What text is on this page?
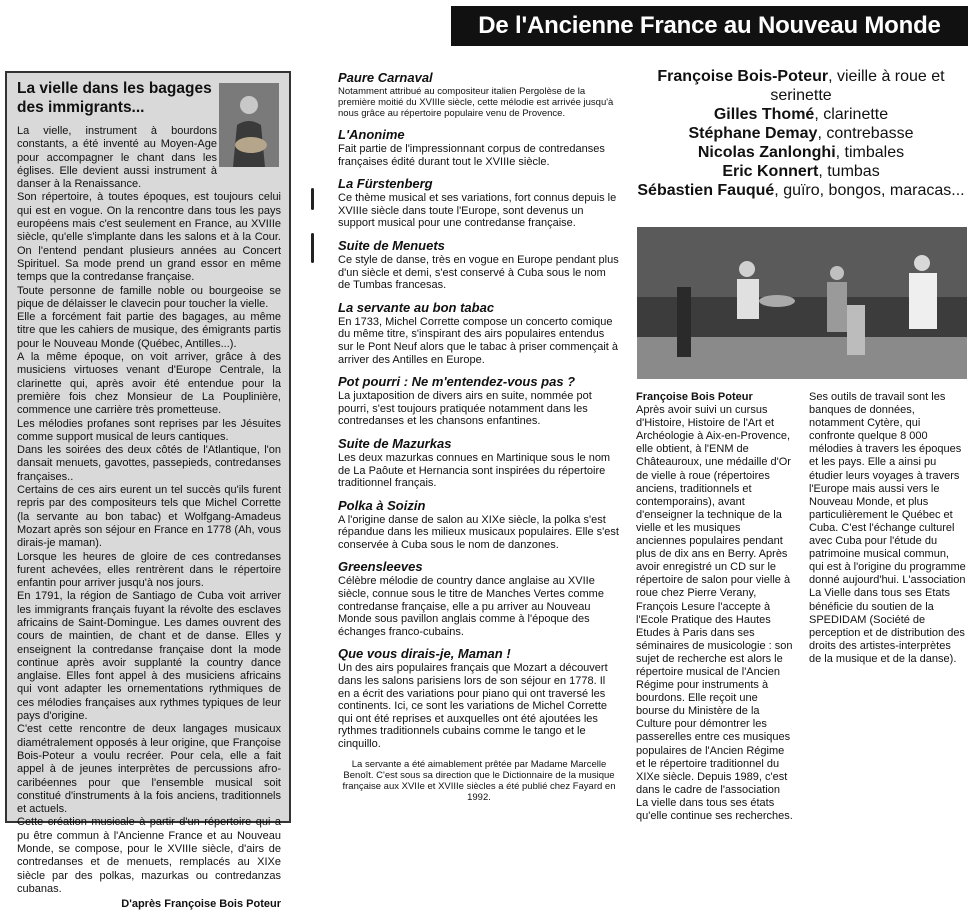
De l'Ancienne France au Nouveau Monde
La vielle dans les bagages des immigrants...

La vielle, instrument à bourdons constants, a été inventé au Moyen-Age pour accompagner le chant dans les églises. Elle devient aussi instrument à danser à la Renaissance.

Son répertoire, à toutes époques, est toujours celui qui est en vogue. On la rencontre dans tous les pays européens mais c'est seulement en France, au XVIIIe siècle, qu'elle s'implante dans les salons et à la Cour. On l'entend pendant plusieurs années au Concert Spirituel. Sa mode prend un grand essor en même temps que la contredanse française.

Toute personne de famille noble ou bourgeoise se pique de délaisser le clavecin pour toucher la vielle.

Elle a forcément fait partie des bagages, au même titre que les cahiers de musique, des émigrants partis pour le Nouveau Monde (Québec, Antilles...).

A la même époque, on voit arriver, grâce à des musiciens virtuoses venant d'Europe Centrale, la clarinette qui, après avoir été entendue pour la première fois chez Monsieur de La Pouplinière, commence une carrière très prometteuse.

Les mélodies profanes sont reprises par les Jésuites comme support musical de leurs cantiques.

Dans les soirées des deux côtés de l'Atlantique, l'on dansait menuets, gavottes, passepieds, contredanses françaises..

Certains de ces airs eurent un tel succès qu'ils furent repris par des compositeurs tels que Michel Corrette (la servante au bon tabac) et Wolfgang-Amadeus Mozart après son séjour en France en 1778 (Ah, vous dirais-je maman).

Lorsque les heures de gloire de ces contredanses furent achevées, elles rentrèrent dans le répertoire enfantin pour arriver jusqu'à nos jours.

En 1791, la région de Santiago de Cuba voit arriver les immigrants français fuyant la révolte des esclaves africains de Saint-Domingue. Les dames ouvrent des cours de maintien, de chant et de danse. Elles y enseignent la contredanse française dont la mode continue après avoir supplanté la country dance anglaise. Elles font appel à des musiciens africains qui vont adapter les ornementations rythmiques de ces mélodies françaises aux rythmes typiques de leur pays d'origine.

C'est cette rencontre de deux langages musicaux diamétralement opposés à leur origine, que Françoise Bois-Poteur a voulu recréer. Pour cela, elle a fait appel à de jeunes interprètes de percussions afro-caribéennes pour que l'ensemble musical soit constitué d'instruments à la fois anciens, traditionnels et actuels.

Cette création musicale à partir d'un répertoire qui a pu être commun à l'Ancienne France et au Nouveau Monde, se compose, pour le XVIIIe siècle, d'airs de contredanses et de menuets, remplacés au XIXe siècle par des polkas, mazurkas ou contredanzas cubanas.

D'après Françoise Bois Poteur
Paure Carnaval
Notamment attribué au compositeur italien Pergolèse de la première moitié du XVIIIe siècle, cette mélodie est arrivée jusqu'à nous grâce au répertoire populaire venu de Provence.
L'Anonime
Fait partie de l'impressionnant corpus de contredanses françaises édité durant tout le XVIIIe siècle.
La Fürstenberg
Ce thème musical et ses variations, fort connus depuis le XVIIIe siècle dans toute l'Europe, sont devenus un support musical pour une contredanse française.
Suite de Menuets
Ce style de danse, très en vogue en Europe pendant plus d'un siècle et demi, s'est conservé à Cuba sous le nom de Tumbas francesas.
La servante au bon tabac
En 1733, Michel Corrette compose un concerto comique du même titre, s'inspirant des airs populaires entendus sur le Pont Neuf alors que le tabac à priser commençait à arriver des Antilles en Europe.
Pot pourri : Ne m'entendez-vous pas ?
La juxtaposition de divers airs en suite, nommée pot pourri, s'est toujours pratiquée notamment dans les contredanses et les chansons enfantines.
Suite de Mazurkas
Les deux mazurkas connues en Martinique sous le nom de La Paôute et Hernancia sont inspirées du répertoire traditionnel français.
Polka à Soizin
A l'origine danse de salon au XIXe siècle, la polka s'est répandue dans les milieux musicaux populaires. Elle s'est conservée à Cuba sous le nom de danzones.
Greensleeves
Célèbre mélodie de country dance anglaise au XVIIe siècle, connue sous le titre de Manches Vertes comme contredanse française, elle a pu arriver au Nouveau Monde sous pavillon anglais comme à l'époque des échanges franco-cubains.
Que vous dirais-je, Maman !
Un des airs populaires français que Mozart a découvert dans les salons parisiens lors de son séjour en 1778. Il en a écrit des variations pour piano qui ont traversé les continents. Ici, ce sont les variations de Michel Corrette qui ont été reprises et auxquelles ont été ajoutées les rythmes traditionnels cubains comme le tango et le cinquillo.
La servante a été aimablement prêtée par Madame Marcelle Benoît. C'est sous sa direction que le Dictionnaire de la musique française aux XVIIe et XVIIIe siècles a été publié chez Fayard en 1992.
Françoise Bois-Poteur, vieille à roue et serinette
Gilles Thomé, clarinette
Stéphane Demay, contrebasse
Nicolas Zanlonghi, timbales
Eric Konnert, tumbas
Sébastien Fauqué, guïro, bongos, maracas...
Françoise Bois Poteur
Après avoir suivi un cursus d'Histoire, Histoire de l'Art et Archéologie à Aix-en-Provence, elle obtient, à l'ENM de Châteauroux, une médaille d'Or de vielle à roue (répertoires anciens, traditionnels et contemporains), avant d'enseigner la technique de la vielle et les musiques anciennes populaires pendant plus de dix ans en Berry. Après avoir enregistré un CD sur le répertoire de salon pour vielle à roue chez Pierre Verany, François Lesure l'accepte à l'Ecole Pratique des Hautes Etudes à Paris dans ses séminaires de musicologie : son sujet de recherche est alors le répertoire musical de l'Ancien Régime pour instruments à bourdons. Elle reçoit une bourse du Ministère de la Culture pour démontrer les passerelles entre ces musiques populaires de l'Ancien Régime et le répertoire traditionnel du XIXe siècle. Depuis 1989, c'est dans le cadre de l'association La vielle dans tous ses états qu'elle continue ses recherches. Ses outils de travail sont les banques de données, notamment Cytère, qui confronte quelque 8 000 mélodies à travers les époques et les pays. Elle a ainsi pu étudier leurs voyages à travers l'Europe mais aussi vers le Nouveau Monde, et plus particulièrement le Québec et Cuba. C'est l'échange culturel avec Cuba pour l'étude du patrimoine musical commun, qui est à l'origine du programme donné aujourd'hui. L'association La Vielle dans tous ses Etats bénéficie du soutien de la SPEDIDAM (Société de perception et de distribution des droits des artistes-interprètes de la musique et de la danse).
